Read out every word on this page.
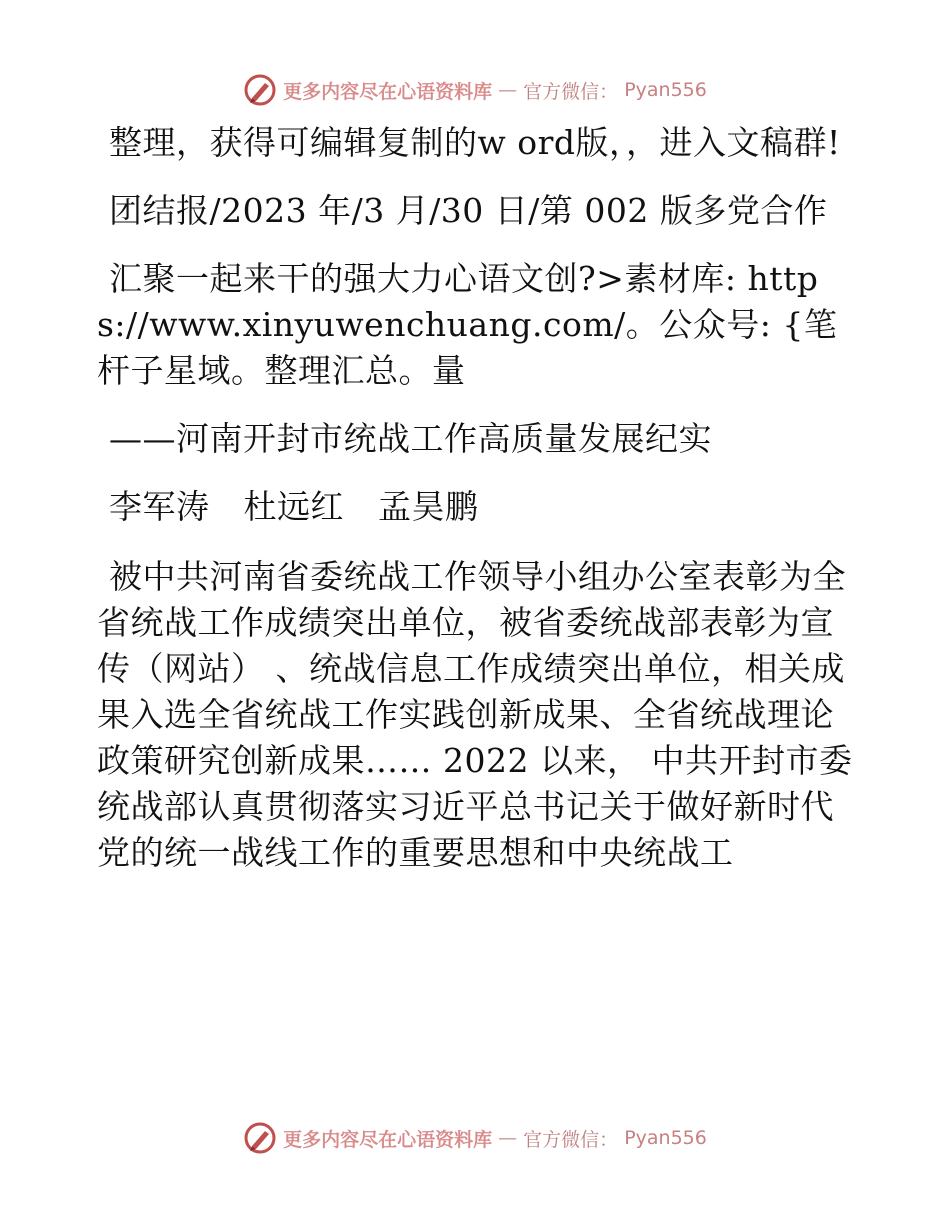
更多内容尽在心语资料库 — 官方微信： Pyan556

整理，获得可编辑复制的w ord版，，进入文稿群!

团结报/2023 年/3 月/30 日/第 002 版多党合作

汇聚一起来干的强大力心语文创?>素材库: https://www.xinyuwenchuang.com/。公众号: {笔杆子星域。整理汇总。量

——河南开封市统战工作高质量发展纪实

李军涛 杜远红 孟昊鹏

被中共河南省委统战工作领导小组办公室表彰为全省统战工作成绩突出单位，被省委统战部表彰为宣传（网站） 、统战信息工作成绩突出单位，相关成果入选全省统战工作实践创新成果、全省统战理论政策研究创新成果…… 2022 以来， 中共开封市委统战部认真贯彻落实习近平总书记关于做好新时代党的统一战线工作的重要思想和中央统战工

更多内容尽在心语资料库 — 官方微信： Pyan556
